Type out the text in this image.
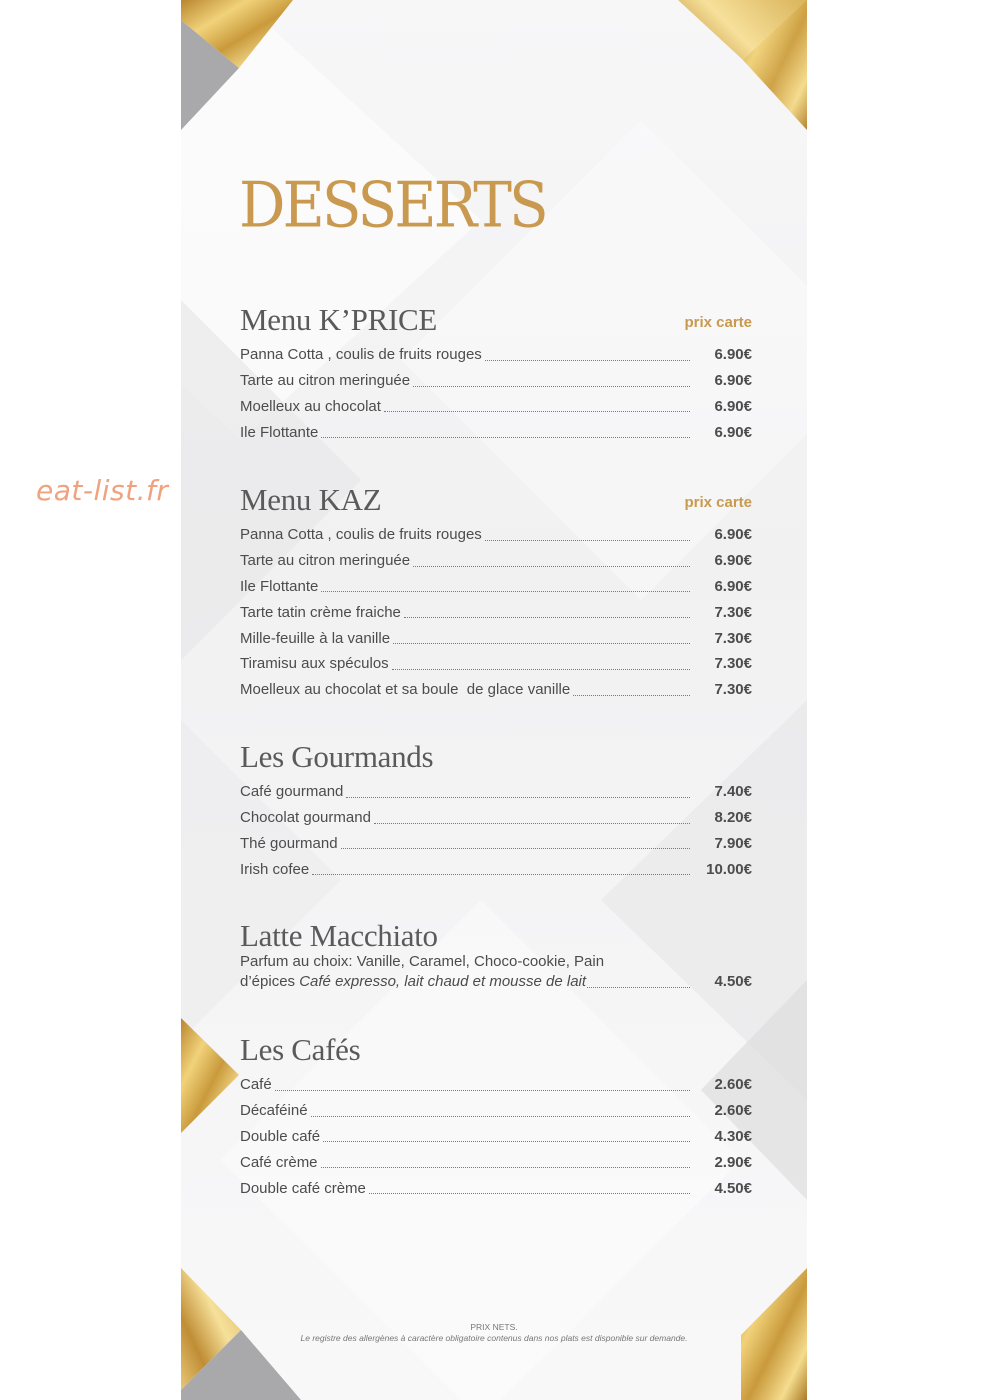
eat-list.fr
DESSERTS
Menu K’PRICE	prix carte
Panna Cotta , coulis de fruits rouges	6.90€
Tarte au citron meringuée	6.90€
Moelleux au chocolat	6.90€
Ile Flottante	6.90€
Menu KAZ	prix carte
Panna Cotta , coulis de fruits rouges	6.90€
Tarte au citron meringuée	6.90€
Ile Flottante	6.90€
Tarte tatin crème fraiche	7.30€
Mille-feuille à la vanille	7.30€
Tiramisu aux spéculos	7.30€
Moelleux au chocolat et sa boule  de glace vanille	7.30€
Les Gourmands
Café gourmand	7.40€
Chocolat gourmand	8.20€
Thé gourmand	7.90€
Irish cofee	10.00€
Latte Macchiato
Parfum au choix: Vanille, Caramel, Choco-cookie, Pain
d’épices
Café expresso, lait chaud et mousse de lait	4.50€
Les Cafés
Café	2.60€
Décaféiné	2.60€
Double café	4.30€
Café crème	2.90€
Double café crème	4.50€
PRIX NETS.
Le registre des allergènes à caractère obligatoire contenus dans nos plats est disponible sur demande.
